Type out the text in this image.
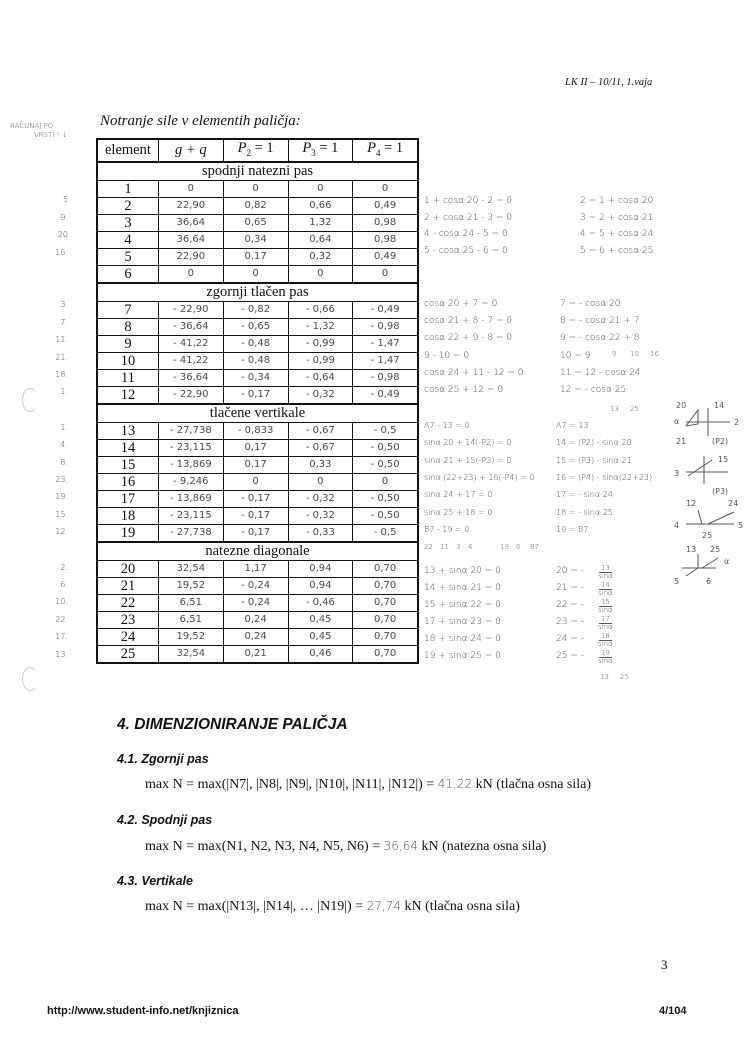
LK II – 10/11, 1.vaja
RAČUNAJ PO
VRSTI ! ↓
Notranje sile v elementih paličja:
element	g + q	$\overline{P}_2 = 1$	$\overline{P}_3 = 1$	$\overline{P}_4 = 1$
spodnji natezni pas				
1	0	0	0	0
2	22,90	0,82	0,66	0,49
3	36,64	0,65	1,32	0,98
4	36,64	0,34	0,64	0,98
5	22,90	0,17	0,32	0,49
6	0	0	0	0
zgornji tlačen pas				
7	- 22,90	- 0,82	- 0,66	- 0,49
8	- 36,64	- 0,65	- 1,32	- 0,98
9	- 41,22	- 0,48	- 0,99	- 1,47
10	- 41,22	- 0,48	- 0,99	- 1,47
11	- 36,64	- 0,34	- 0,64	- 0,98
12	- 22,90	- 0,17	- 0,32	- 0,49
tlačene vertikale				
13	- 27,738	- 0,833	- 0,67	- 0,5
14	- 23,115	0,17	- 0,67	- 0,50
15	- 13,869	0,17	0,33	- 0,50
16	- 9,246	0	0	0
17	- 13,869	- 0,17	- 0,32	- 0,50
18	- 23,115	- 0,17	- 0,32	- 0,50
19	- 27,738	- 0,17	- 0,33	- 0,5
natezne diagonale				
20	32,54	1,17	0,94	0,70
21	19,52	- 0,24	0,94	0,70
22	6,51	- 0,24	- 0,46	0,70
23	6,51	0,24	0,45	0,70
24	19,52	0,24	0,45	0,70
25	32,54	0,21	0,46	0,70
5
9.
20
16.
3.
7.
11.
21.
18.
1.
1.
4.
8.
23.
19.
15.
12.
2.
6.
10.
22.
17.
13.
1 + cosα·20 - 2 = 0
2 + cosα·21 - 3 = 0
4 - cosα 24 - 5 = 0
5 - cosα·25 - 6 = 0
2 = 1 + cosα·20
3 = 2 + cosα·21
4 = 5 + cosα·24
5 = 6 + cosα·25
cosα·20 + 7 = 0
cosα·21 + 8 - 7 = 0
cosα·22 + 9 - 8 = 0
9 - 10 = 0
cosα·24 + 11 - 12 = 0
cosα·25 + 12 = 0
7 = - cosα·20
8 = - cosα·21 + 7
9 = - cosα·22 + 8
10 = 9
11 = 12 - cosα·24
12 = - cosα·25
9 10 16
A7 - 13 = 0
sinα·20 + 14(-P2) = 0
sinα·21 + 15(-P3) = 0
sinα·(22+23) + 16(-P4) = 0
sinα·24 + 17 = 0
sinα·25 + 18 = 0
B7 - 19 = 0
A7 = 13
14 = (P2) - sinα·20
15 = (P3) - sinα·21
16 = (P4) - sinα(22+23)
17 = - sinα·24
18 = - sinα·25
19 = B7
13 25
22 11 3 4	19 6 B7
13 + sinα·20 = 0
14 + sinα 21 = 0
15 + sinα·22 = 0
17 + sinα·23 = 0
18 + sinα·24 = 0
19 + sinα·25 = 0
20 = - $\frac{13}{\sin\alpha}$
21 = - $\frac{14}{\sin\alpha}$
22 = - $\frac{15}{\sin\alpha}$
23 = - $\frac{17}{\sin\alpha}$
24 = - $\frac{18}{\sin\alpha}$
25 = - $\frac{19}{\sin\alpha}$
13 25
20	14
α	2
(P2)
21
15
3
(P3)
12	24
4	5
25
13 25
α
6
5
4. DIMENZIONIRANJE PALIČJA
4.1. Zgornji pas
max N = max(|N7|, |N8|, |N9|, |N10|, |N11|, |N12|) = 41,22 kN (tlačna osna sila)
4.2. Spodnji pas
max N = max(N1, N2, N3, N4, N5, N6) = 36,64 kN (natezna osna sila)
4.3. Vertikale
max N = max(|N13|, |N14|, … |N19|) = 27,74 kN (tlačna osna sila)
3
http://www.student-info.net/knjiznica	4/104
